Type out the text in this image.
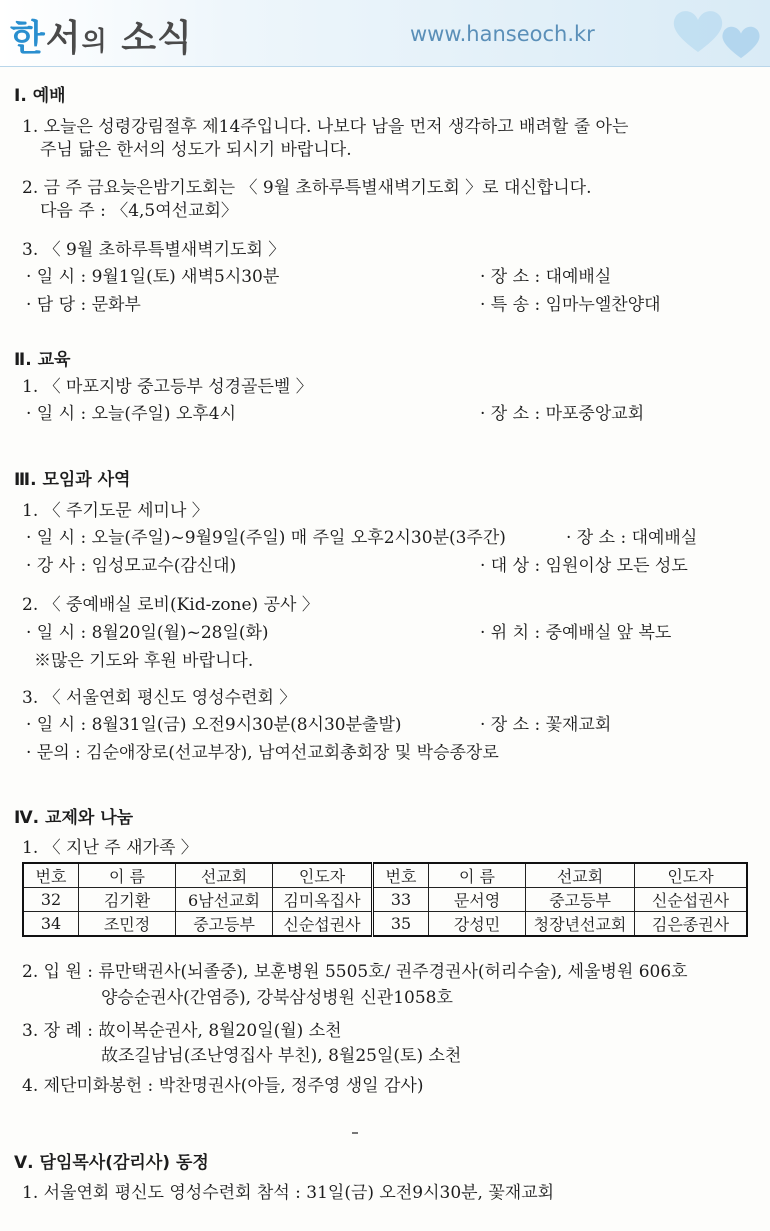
한서의 소식	www.hanseoch.kr
Ⅰ. 예배
1. 오늘은 성령강림절후 제14주입니다. 나보다 남을 먼저 생각하고 배려할 줄 아는
주님 닮은 한서의 성도가 되시기 바랍니다.
2. 금 주 금요늦은밤기도회는 〈 9월 초하루특별새벽기도회 〉로 대신합니다.
다음 주 : 〈4,5여선교회〉
3. 〈 9월 초하루특별새벽기도회 〉
· 일 시 : 9월1일(토) 새벽5시30분	· 장 소 : 대예배실
· 담 당 : 문화부	· 특 송 : 임마누엘찬양대
Ⅱ. 교육
1. 〈 마포지방 중고등부 성경골든벨 〉
· 일 시 : 오늘(주일) 오후4시	· 장 소 : 마포중앙교회
Ⅲ. 모임과 사역
1. 〈 주기도문 세미나 〉
· 일 시 : 오늘(주일)~9월9일(주일) 매 주일 오후2시30분(3주간)	· 장 소 : 대예배실
· 강 사 : 임성모교수(감신대)	· 대 상 : 임원이상 모든 성도
2. 〈 중예배실 로비(Kid-zone) 공사 〉
· 일 시 : 8월20일(월)~28일(화)	· 위 치 : 중예배실 앞 복도
※많은 기도와 후원 바랍니다.
3. 〈 서울연회 평신도 영성수련회 〉
· 일 시 : 8월31일(금) 오전9시30분(8시30분출발)	· 장 소 : 꽃재교회
· 문의 : 김순애장로(선교부장), 남여선교회총회장 및 박승종장로
Ⅳ. 교제와 나눔
1. 〈 지난 주 새가족 〉
번호	이 름	선교회	인도자	번호	이 름	선교회	인도자
32	김기환	6남선교회	김미옥집사	33	문서영	중고등부	신순섭권사
34	조민정	중고등부	신순섭권사	35	강성민	청장년선교회	김은종권사
2. 입 원 : 류만택권사(뇌졸중), 보훈병원 5505호/ 권주경권사(허리수술), 세울병원 606호
양승순권사(간염증), 강북삼성병원 신관1058호
3. 장 례 : 故이복순권사, 8월20일(월) 소천
故조길남님(조난영집사 부친), 8월25일(토) 소천
4. 제단미화봉헌 : 박찬명권사(아들, 정주영 생일 감사)
Ⅴ. 담임목사(감리사) 동정
1. 서울연회 평신도 영성수련회 참석 : 31일(금) 오전9시30분, 꽃재교회
